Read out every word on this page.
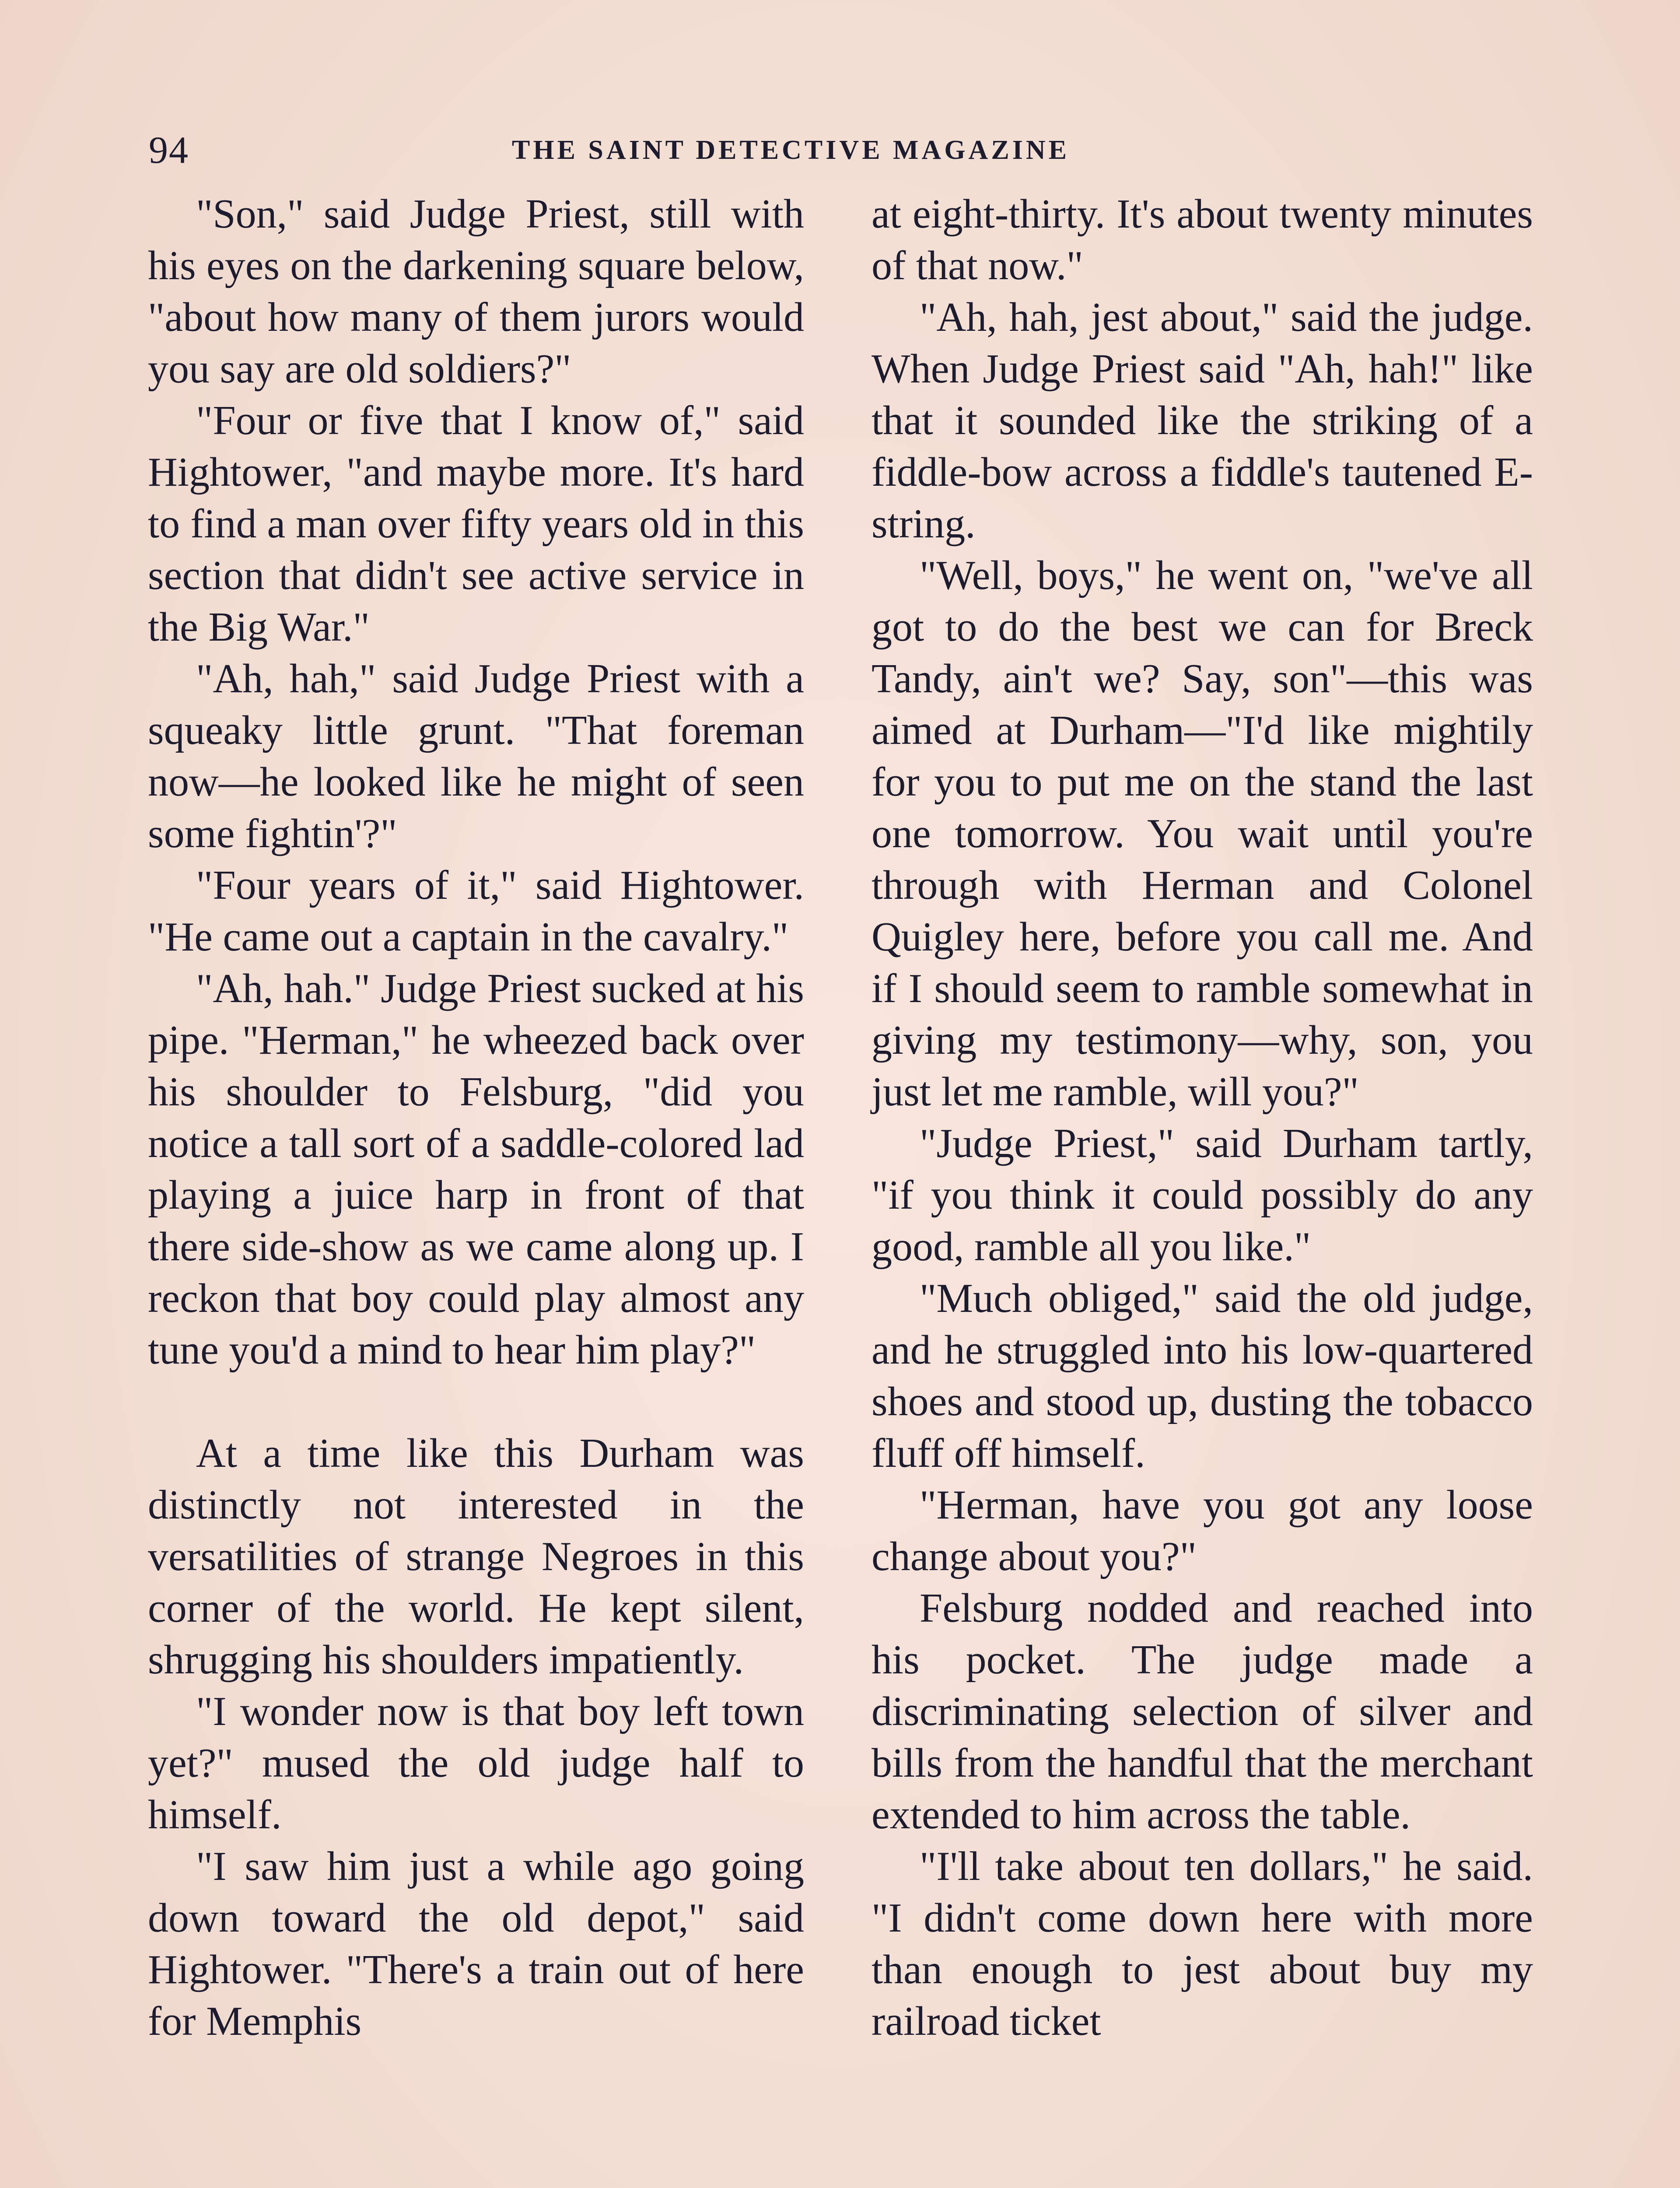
94	THE SAINT DETECTIVE MAGAZINE

"Son," said Judge Priest, still with his eyes on the darkening square below, "about how many of them jurors would you say are old soldiers?"

"Four or five that I know of," said Hightower, "and maybe more. It's hard to find a man over fifty years old in this section that didn't see active service in the Big War."

"Ah, hah," said Judge Priest with a squeaky little grunt. "That foreman now—he looked like he might of seen some fightin'?"

"Four years of it," said Hightower. "He came out a captain in the cavalry."

"Ah, hah." Judge Priest sucked at his pipe. "Herman," he wheezed back over his shoulder to Felsburg, "did you notice a tall sort of a saddle-colored lad playing a juice harp in front of that there side-show as we came along up. I reckon that boy could play almost any tune you'd a mind to hear him play?"

At a time like this Durham was distinctly not interested in the versatilities of strange Negroes in this corner of the world. He kept silent, shrugging his shoulders impatiently.

"I wonder now is that boy left town yet?" mused the old judge half to himself.

"I saw him just a while ago going down toward the old depot," said Hightower. "There's a train out of here for Memphis

at eight-thirty. It's about twenty minutes of that now."

"Ah, hah, jest about," said the judge. When Judge Priest said "Ah, hah!" like that it sounded like the striking of a fiddle-bow across a fiddle's tautened E-string.

"Well, boys," he went on, "we've all got to do the best we can for Breck Tandy, ain't we? Say, son"—this was aimed at Durham—"I'd like mightily for you to put me on the stand the last one tomorrow. You wait until you're through with Herman and Colonel Quigley here, before you call me. And if I should seem to ramble somewhat in giving my testimony—why, son, you just let me ramble, will you?"

"Judge Priest," said Durham tartly, "if you think it could possibly do any good, ramble all you like."

"Much obliged," said the old judge, and he struggled into his low-quartered shoes and stood up, dusting the tobacco fluff off himself.

"Herman, have you got any loose change about you?"

Felsburg nodded and reached into his pocket. The judge made a discriminating selection of silver and bills from the handful that the merchant extended to him across the table.

"I'll take about ten dollars," he said. "I didn't come down here with more than enough to jest about buy my railroad ticket
